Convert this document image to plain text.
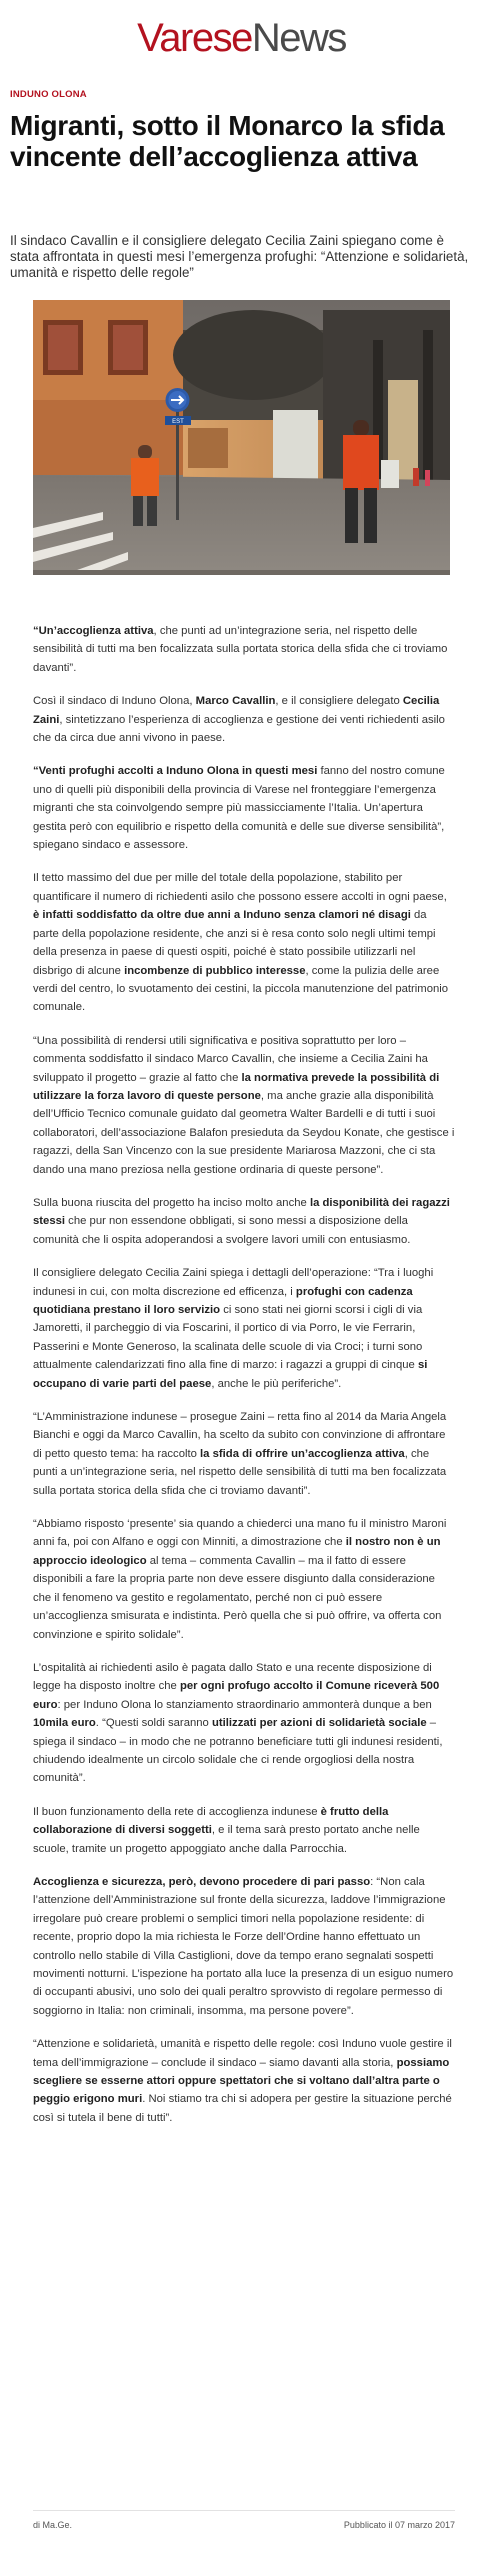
VareseNews
INDUNO OLONA
Migranti, sotto il Monarco la sfida vincente dell’accoglienza attiva

Il sindaco Cavallin e il consigliere delegato Cecilia Zaini spiegano come è stata affrontata in questi mesi l’emergenza profughi: “Attenzione e solidarietà, umanità e rispetto delle regole”

EST

“Un’accoglienza attiva, che punti ad un’integrazione seria, nel rispetto delle sensibilità di tutti ma ben focalizzata sulla portata storica della sfida che ci troviamo davanti”.

Così il sindaco di Induno Olona, Marco Cavallin, e il consigliere delegato Cecilia Zaini, sintetizzano l’esperienza di accoglienza e gestione dei venti richiedenti asilo che da circa due anni vivono in paese.

“Venti profughi accolti a Induno Olona in questi mesi fanno del nostro comune uno di quelli più disponibili della provincia di Varese nel fronteggiare l’emergenza migranti che sta coinvolgendo sempre più massicciamente l’Italia. Un’apertura gestita però con equilibrio e rispetto della comunità e delle sue diverse sensibilità”, spiegano sindaco e assessore.

Il tetto massimo del due per mille del totale della popolazione, stabilito per quantificare il numero di richiedenti asilo che possono essere accolti in ogni paese, è infatti soddisfatto da oltre due anni a Induno senza clamori né disagi da parte della popolazione residente, che anzi si è resa conto solo negli ultimi tempi della presenza in paese di questi ospiti, poiché è stato possibile utilizzarli nel disbrigo di alcune incombenze di pubblico interesse, come la pulizia delle aree verdi del centro, lo svuotamento dei cestini, la piccola manutenzione del patrimonio comunale.

“Una possibilità di rendersi utili significativa e positiva soprattutto per loro – commenta soddisfatto il sindaco Marco Cavallin, che insieme a Cecilia Zaini ha sviluppato il progetto – grazie al fatto che la normativa prevede la possibilità di utilizzare la forza lavoro di queste persone, ma anche grazie alla disponibilità dell’Ufficio Tecnico comunale guidato dal geometra Walter Bardelli e di tutti i suoi collaboratori, dell’associazione Balafon presieduta da Seydou Konate, che gestisce i ragazzi, della San Vincenzo con la sue presidente Mariarosa Mazzoni, che ci sta dando una mano preziosa nella gestione ordinaria di queste persone”.

Sulla buona riuscita del progetto ha inciso molto anche la disponibilità dei ragazzi stessi che pur non essendone obbligati, si sono messi a disposizione della comunità che li ospita adoperandosi a svolgere lavori umili con entusiasmo.

Il consigliere delegato Cecilia Zaini spiega i dettagli dell’operazione: “Tra i luoghi indunesi in cui, con molta discrezione ed efficenza, i profughi con cadenza quotidiana prestano il loro servizio ci sono stati nei giorni scorsi i cigli di via Jamoretti, il parcheggio di via Foscarini, il portico di via Porro, le vie Ferrarin, Passerini e Monte Generoso, la scalinata delle scuole di via Croci; i turni sono attualmente calendarizzati fino alla fine di marzo: i ragazzi a gruppi di cinque si occupano di varie parti del paese, anche le più periferiche”.

“L’Amministrazione indunese – prosegue Zaini – retta fino al 2014 da Maria Angela Bianchi e oggi da Marco Cavallin, ha scelto da subito con convinzione di affrontare di petto questo tema: ha raccolto la sfida di offrire un’accoglienza attiva, che punti a un’integrazione seria, nel rispetto delle sensibilità di tutti ma ben focalizzata sulla portata storica della sfida che ci troviamo davanti”.

“Abbiamo risposto ‘presente’ sia quando a chiederci una mano fu il ministro Maroni anni fa, poi con Alfano e oggi con Minniti, a dimostrazione che il nostro non è un approccio ideologico al tema – commenta Cavallin – ma il fatto di essere disponibili a fare la propria parte non deve essere disgiunto dalla considerazione che il fenomeno va gestito e regolamentato, perché non ci può essere un’accoglienza smisurata e indistinta. Però quella che si può offrire, va offerta con convinzione e spirito solidale”.

L’ospitalità ai richiedenti asilo è pagata dallo Stato e una recente disposizione di legge ha disposto inoltre che per ogni profugo accolto il Comune riceverà 500 euro: per Induno Olona lo stanziamento straordinario ammonterà dunque a ben 10mila euro. “Questi soldi saranno utilizzati per azioni di solidarietà sociale – spiega il sindaco – in modo che ne potranno beneficiare tutti gli indunesi residenti, chiudendo idealmente un circolo solidale che ci rende orgogliosi della nostra comunità”.

Il buon funzionamento della rete di accoglienza indunese è frutto della collaborazione di diversi soggetti, e il tema sarà presto portato anche nelle scuole, tramite un progetto appoggiato anche dalla Parrocchia.

Accoglienza e sicurezza, però, devono procedere di pari passo: “Non cala l’attenzione dell’Amministrazione sul fronte della sicurezza, laddove l’immigrazione irregolare può creare problemi o semplici timori nella popolazione residente: di recente, proprio dopo la mia richiesta le Forze dell’Ordine hanno effettuato un controllo nello stabile di Villa Castiglioni, dove da tempo erano segnalati sospetti movimenti notturni. L’ispezione ha portato alla luce la presenza di un esiguo numero di occupanti abusivi, uno solo dei quali peraltro sprovvisto di regolare permesso di soggiorno in Italia: non criminali, insomma, ma persone povere”.

“Attenzione e solidarietà, umanità e rispetto delle regole: così Induno vuole gestire il tema dell’immigrazione – conclude il sindaco – siamo davanti alla storia, possiamo scegliere se esserne attori oppure spettatori che si voltano dall’altra parte o peggio erigono muri. Noi stiamo tra chi si adopera per gestire la situazione perché così si tutela il bene di tutti”.

di Ma.Ge.	Pubblicato il 07 marzo 2017
